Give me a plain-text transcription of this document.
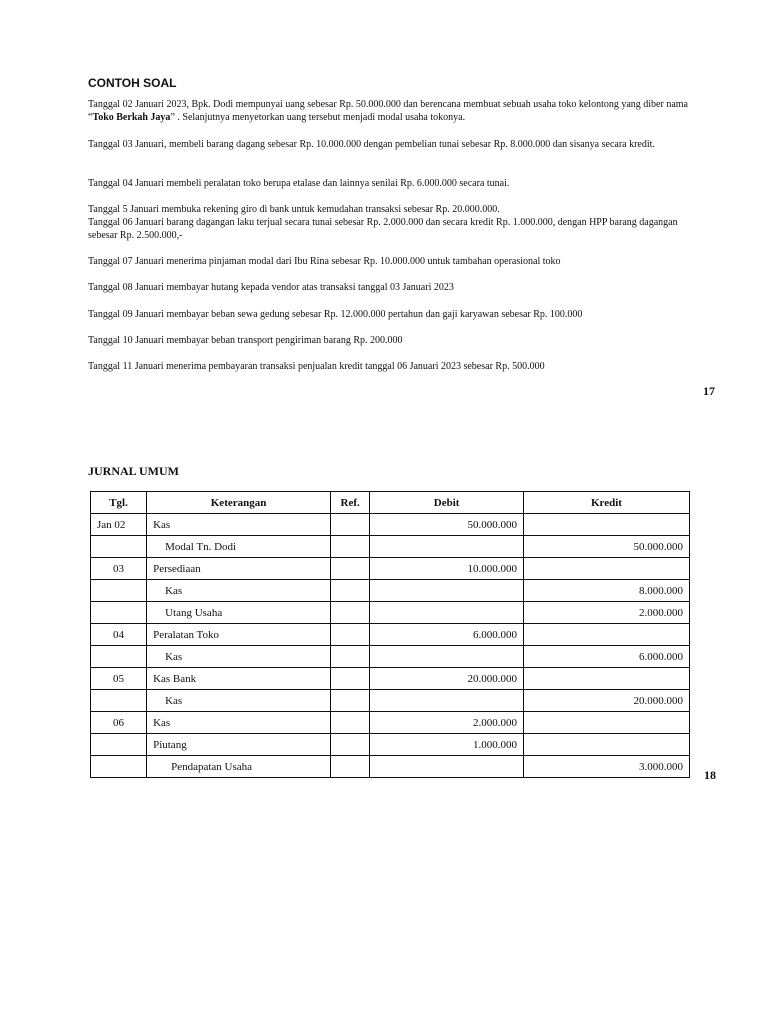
CONTOH SOAL

Tanggal 02 Januari 2023, Bpk. Dodi mempunyai uang sebesar Rp. 50.000.000 dan berencana membuat sebuah usaha toko kelontong yang diber nama “Toko Berkah Jaya” . Selanjutnya menyetorkan uang tersebut menjadi modal usaha tokonya.

Tanggal 03 Januari, membeli barang dagang sebesar Rp. 10.000.000 dengan pembelian tunai sebesar Rp. 8.000.000 dan sisanya secara kredit.

Tanggal 04 Januari membeli peralatan toko berupa etalase dan lainnya senilai Rp. 6.000.000 secara tunai.

Tanggal 5 Januari membuka rekening giro di bank untuk kemudahan transaksi sebesar Rp. 20.000.000.

Tanggal 06 Januari barang dagangan laku terjual secara tunai sebesar Rp. 2.000.000 dan secara kredit Rp. 1.000.000, dengan HPP barang dagangan sebesar Rp. 2.500.000,-

Tanggal 07 Januari menerima pinjaman modal dari Ibu Rina sebesar Rp. 10.000.000 untuk tambahan operasional toko

Tanggal 08 Januari membayar hutang kepada vendor atas transaksi tanggal 03 Januari 2023

Tanggal 09 Januari membayar beban sewa gedung sebesar Rp. 12.000.000 pertahun dan gaji karyawan sebesar Rp. 100.000

Tanggal 10 Januari membayar beban transport pengiriman barang Rp. 200.000

Tanggal 11 Januari menerima pembayaran transaksi penjualan kredit tanggal 06 Januari 2023 sebesar Rp. 500.000

17
JURNAL UMUM
Tgl.	Keterangan	Ref.	Debit	Kredit
Jan 02	Kas		50.000.000	
	Modal Tn. Dodi			50.000.000
03	Persediaan		10.000.000	
	Kas			8.000.000
	Utang Usaha			2.000.000
04	Peralatan Toko		6.000.000	
	Kas			6.000.000
05	Kas Bank		20.000.000	
	Kas			20.000.000
06	Kas		2.000.000	
	Piutang		1.000.000	
	Pendapatan Usaha			3.000.000
18
